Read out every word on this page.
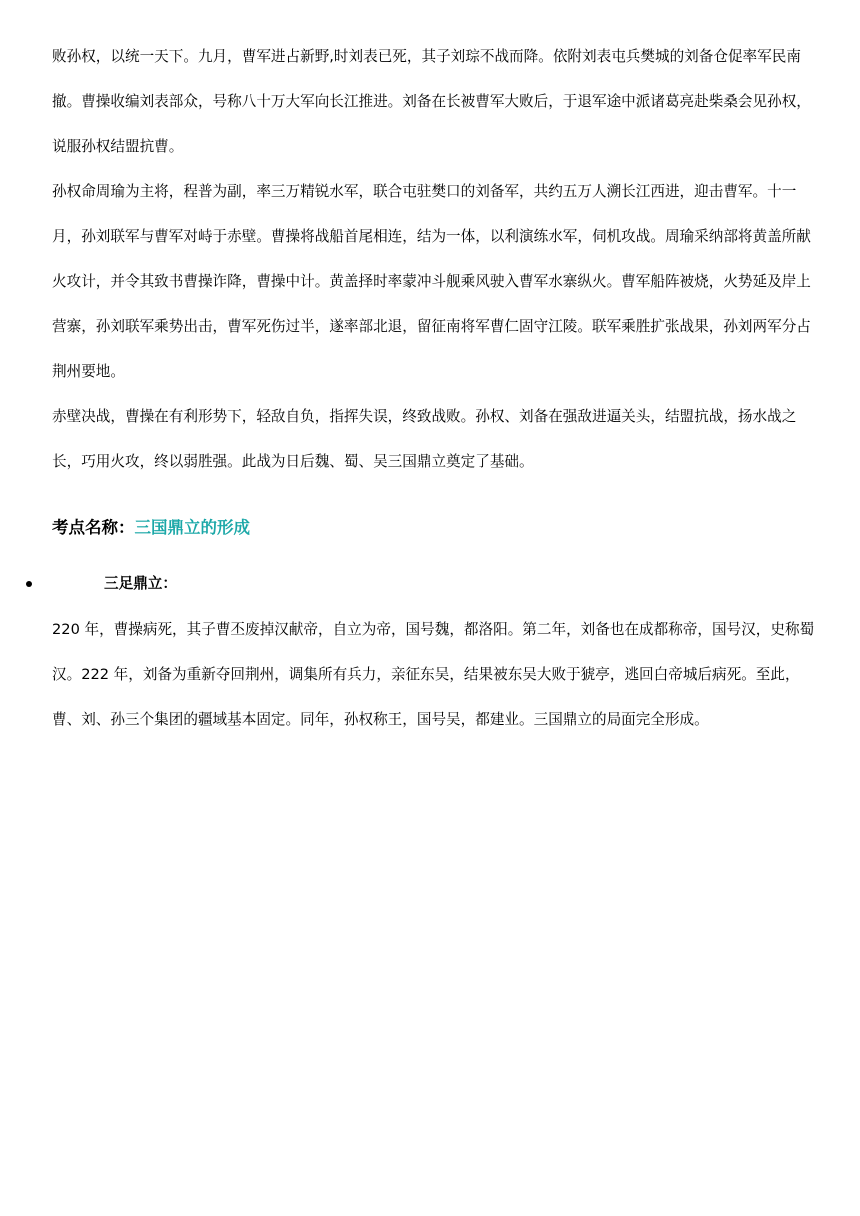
败孙权，以统一天下。九月，曹军进占新野,时刘表已死，其子刘琮不战而降。依附刘表屯兵樊城的刘备仓促率军民南撤。曹操收编刘表部众，号称八十万大军向长江推进。刘备在长被曹军大败后，于退军途中派诸葛亮赴柴桑会见孙权，说服孙权结盟抗曹。

孙权命周瑜为主将，程普为副，率三万精锐水军，联合屯驻樊口的刘备军，共约五万人溯长江西进，迎击曹军。十一月，孙刘联军与曹军对峙于赤壁。曹操将战船首尾相连，结为一体，以利演练水军，伺机攻战。周瑜采纳部将黄盖所献火攻计，并令其致书曹操诈降，曹操中计。黄盖择时率蒙冲斗舰乘风驶入曹军水寨纵火。曹军船阵被烧，火势延及岸上营寨，孙刘联军乘势出击，曹军死伤过半，遂率部北退，留征南将军曹仁固守江陵。联军乘胜扩张战果，孙刘两军分占荆州要地。

赤壁决战，曹操在有利形势下，轻敌自负，指挥失误，终致战败。孙权、刘备在强敌进逼关头，结盟抗战，扬水战之长，巧用火攻，终以弱胜强。此战为日后魏、蜀、吴三国鼎立奠定了基础。

考点名称：三国鼎立的形成
三足鼎立：

220 年，曹操病死，其子曹丕废掉汉献帝，自立为帝，国号魏，都洛阳。第二年，刘备也在成都称帝，国号汉，史称蜀汉。222 年，刘备为重新夺回荆州，调集所有兵力，亲征东吴，结果被东吴大败于猇亭，逃回白帝城后病死。至此，曹、刘、孙三个集团的疆域基本固定。同年，孙权称王，国号吴，都建业。三国鼎立的局面完全形成。
